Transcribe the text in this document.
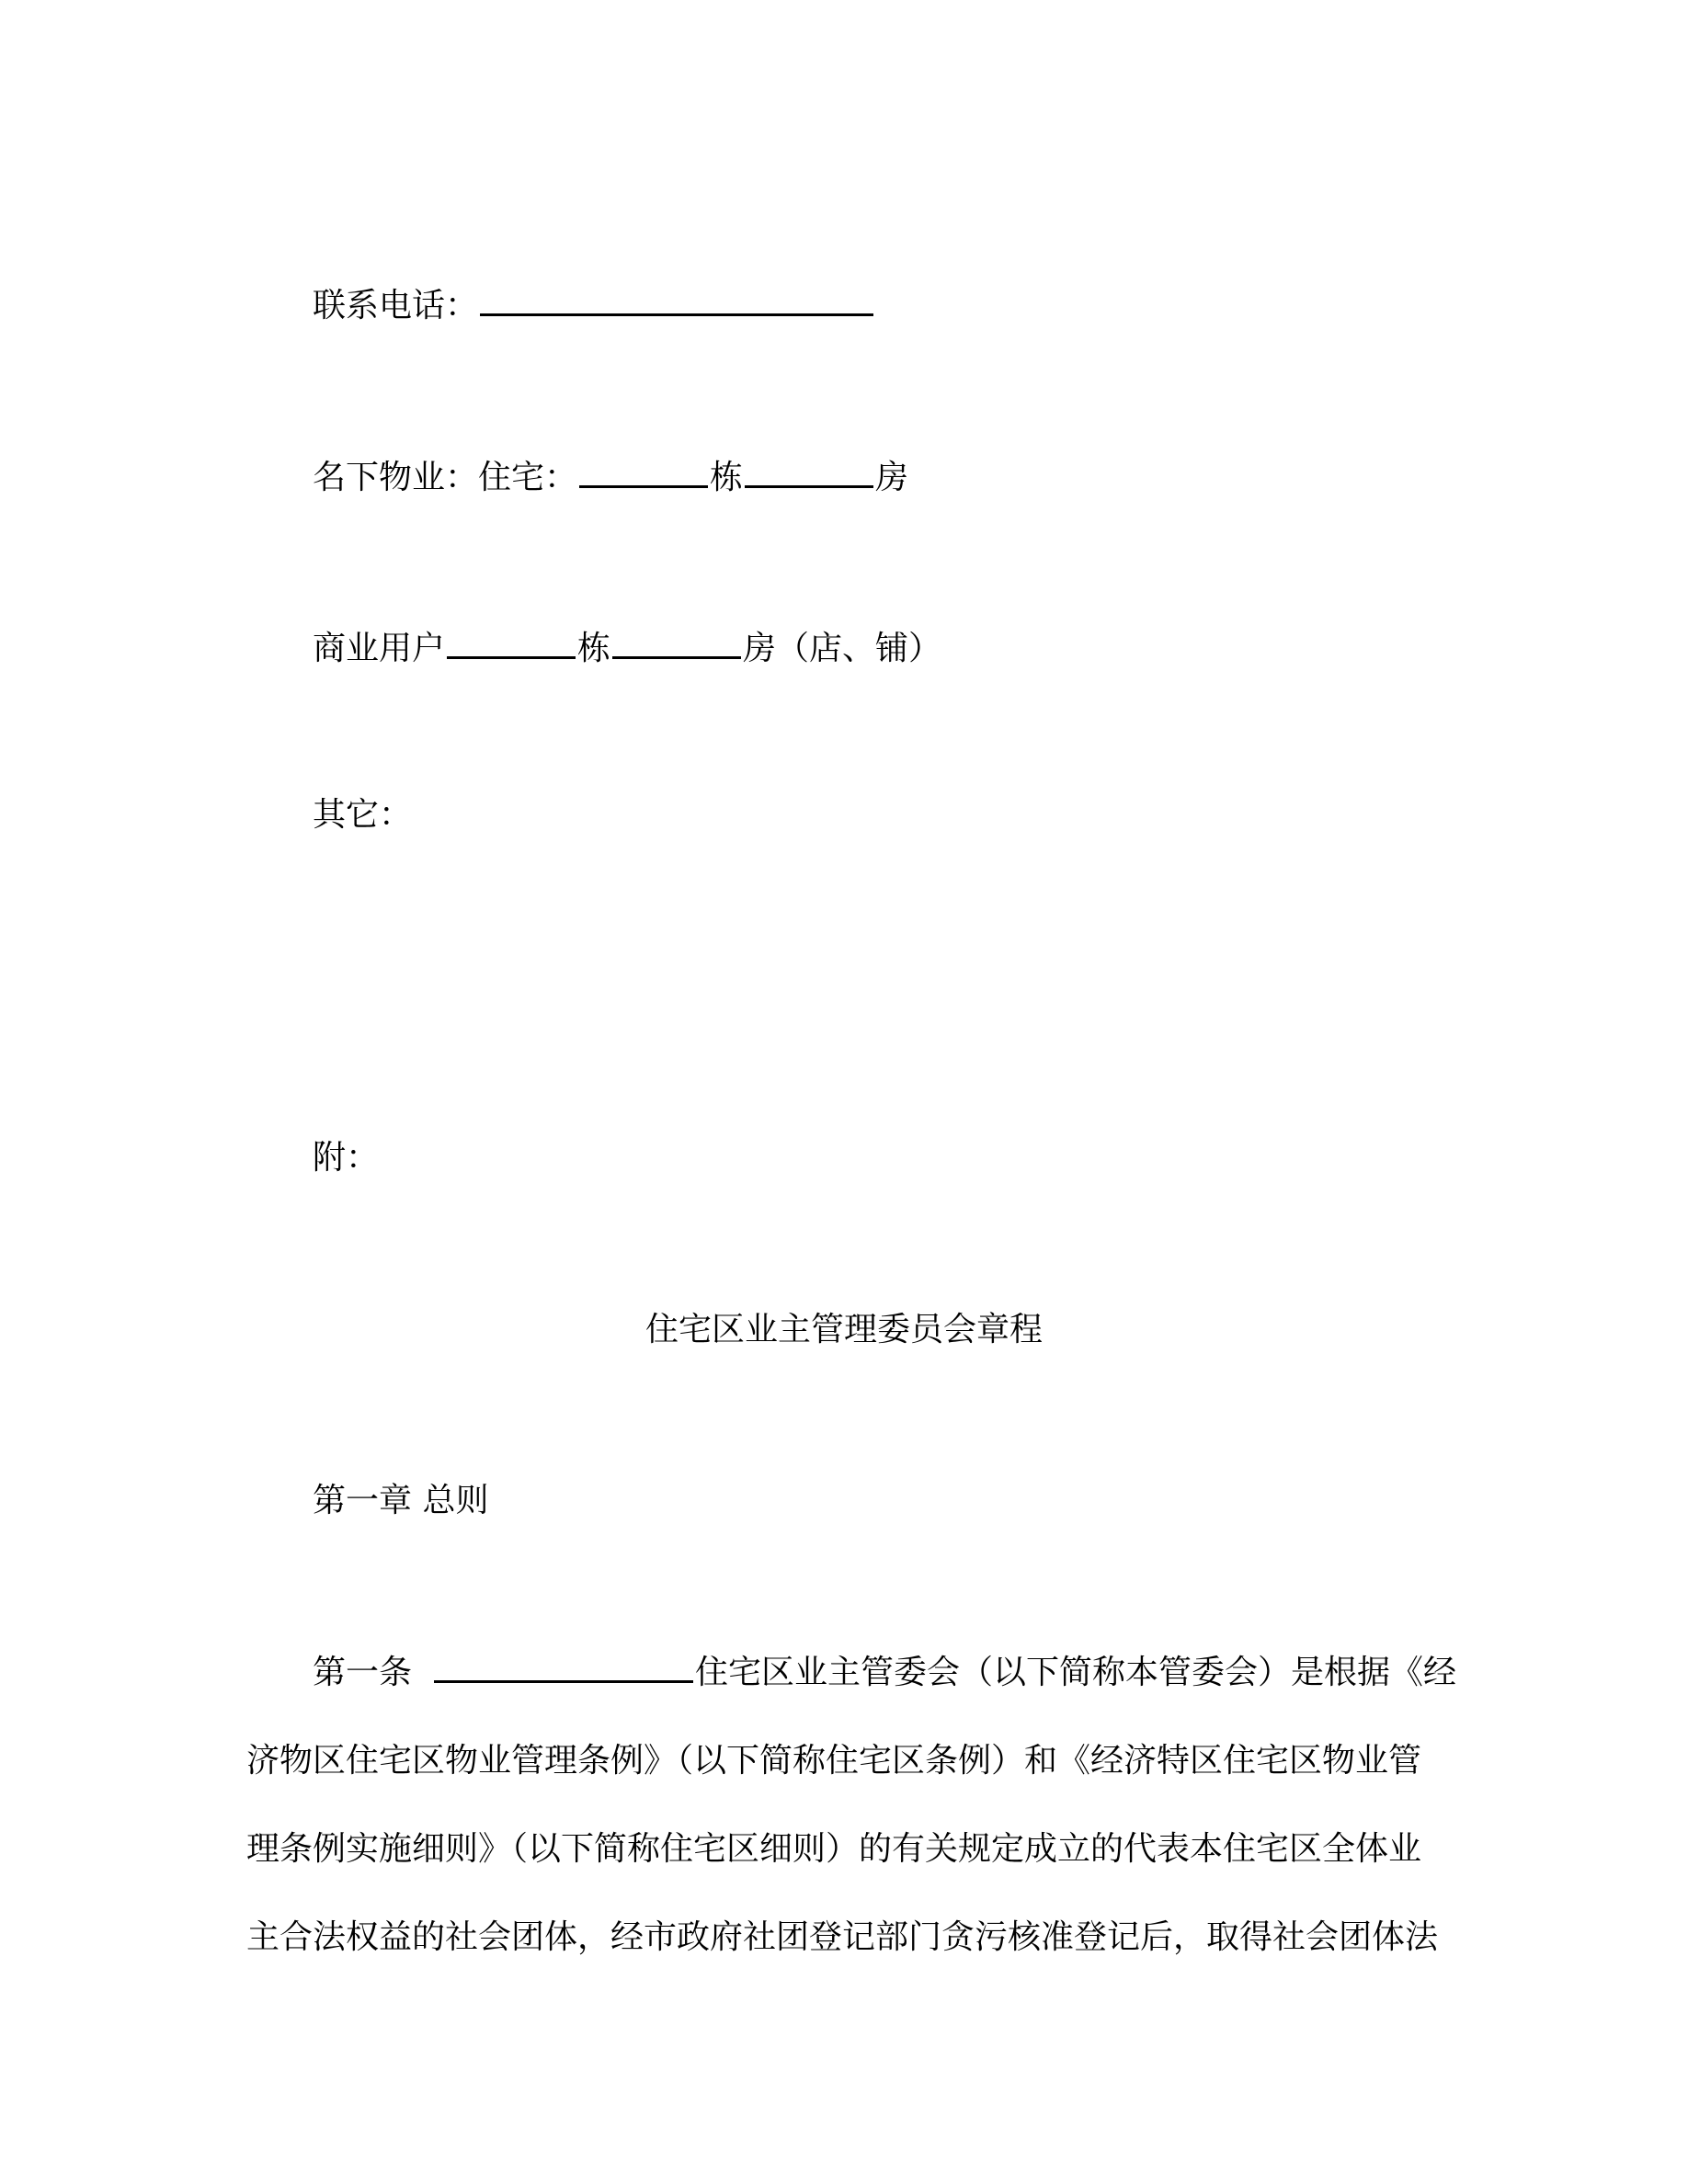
联系电话：
名下物业：住宅：	栋	房
商业用户	栋	房（店、铺）
其它：
附：
住宅区业主管理委员会章程
第一章 总则
第一条	住宅区业主管委会（以下简称本管委会）是根据《经
济物区住宅区物业管理条例》（以下简称住宅区条例）和《经济特区住宅区物业管
理条例实施细则》（以下简称住宅区细则）的有关规定成立的代表本住宅区全体业
主合法权益的社会团体，经市政府社团登记部门贪污核准登记后，取得社会团体法
